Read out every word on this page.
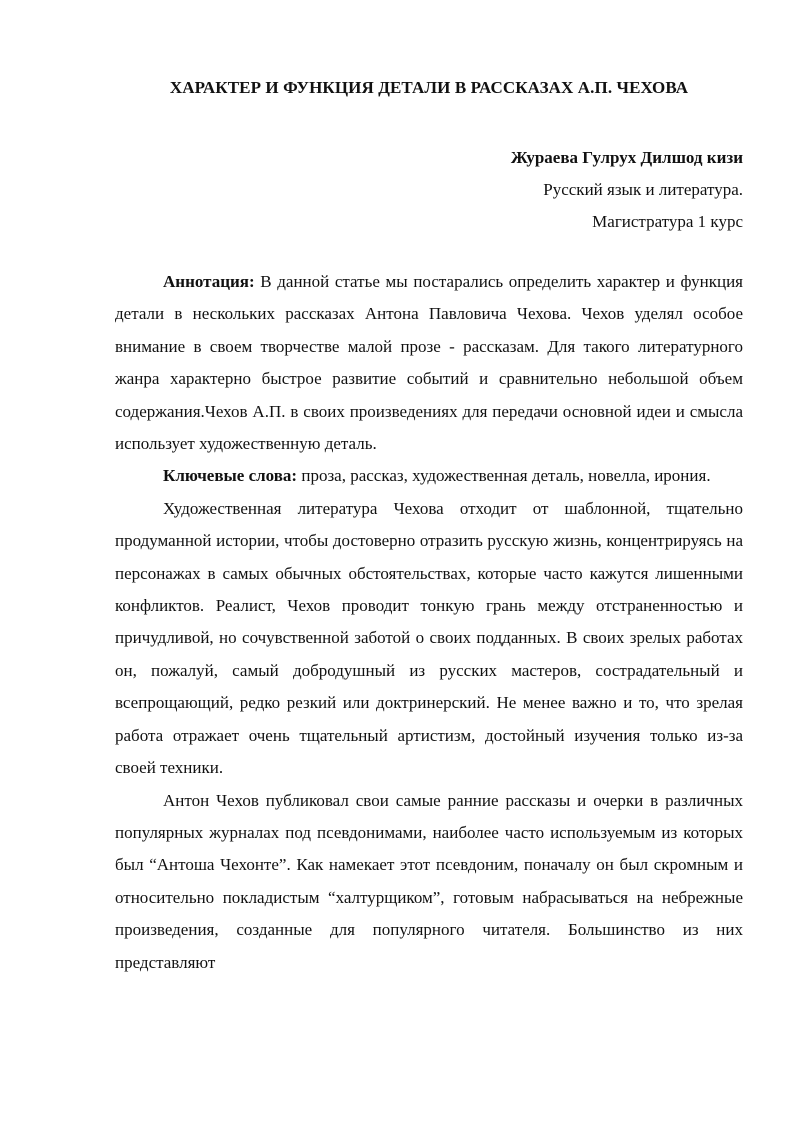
ХАРАКТЕР И ФУНКЦИЯ ДЕТАЛИ В РАССКАЗАХ А.П. ЧЕХОВА
Жураева Гулрух Дилшод кизи
Русский язык и литература.
Магистратура 1 курс

Аннотация: В данной статье мы постарались определить характер и функция детали в нескольких рассказах Антона Павловича Чехова. Чехов уделял особое внимание в своем творчестве малой прозе - рассказам. Для такого литературного жанра характерно быстрое развитие событий и сравнительно небольшой объем содержания.Чехов А.П. в своих произведениях для передачи основной идеи и смысла использует художественную деталь.

Ключевые слова: проза, рассказ, художественная деталь, новелла, ирония.

Художественная литература Чехова отходит от шаблонной, тщательно продуманной истории, чтобы достоверно отразить русскую жизнь, концентрируясь на персонажах в самых обычных обстоятельствах, которые часто кажутся лишенными конфликтов. Реалист, Чехов проводит тонкую грань между отстраненностью и причудливой, но сочувственной заботой о своих подданных. В своих зрелых работах он, пожалуй, самый добродушный из русских мастеров, сострадательный и всепрощающий, редко резкий или доктринерский. Не менее важно и то, что зрелая работа отражает очень тщательный артистизм, достойный изучения только из-за своей техники.

Антон Чехов публиковал свои самые ранние рассказы и очерки в различных популярных журналах под псевдонимами, наиболее часто используемым из которых был “Антоша Чехонте”. Как намекает этот псевдоним, поначалу он был скромным и относительно покладистым “халтурщиком”, готовым набрасываться на небрежные произведения, созданные для популярного читателя. Большинство из них представляют
